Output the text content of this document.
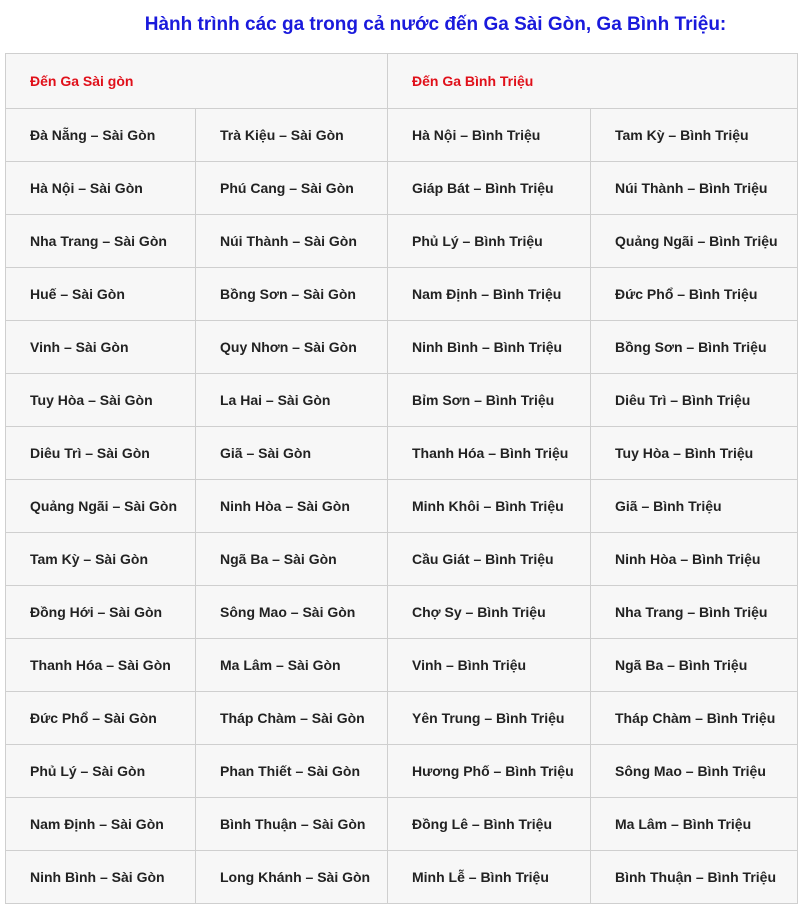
Hành trình các ga trong cả nước đến Ga Sài Gòn, Ga Bình Triệu:
Đến Ga Sài gòn		Đến Ga Bình Triệu	
Đà Nẵng – Sài Gòn	Trà Kiệu – Sài Gòn	Hà Nội – Bình Triệu	Tam Kỳ – Bình Triệu
Hà Nội – Sài Gòn	Phú Cang – Sài Gòn	Giáp Bát – Bình Triệu	Núi Thành – Bình Triệu
Nha Trang – Sài Gòn	Núi Thành – Sài Gòn	Phủ Lý – Bình Triệu	Quảng Ngãi – Bình Triệu
Huế – Sài Gòn	Bồng Sơn – Sài Gòn	Nam Định – Bình Triệu	Đức Phổ – Bình Triệu
Vinh – Sài Gòn	Quy Nhơn – Sài Gòn	Ninh Bình – Bình Triệu	Bồng Sơn – Bình Triệu
Tuy Hòa – Sài Gòn	La Hai – Sài Gòn	Bỉm Sơn – Bình Triệu	Diêu Trì – Bình Triệu
Diêu Trì – Sài Gòn	Giã – Sài Gòn	Thanh Hóa – Bình Triệu	Tuy Hòa – Bình Triệu
Quảng Ngãi – Sài Gòn	Ninh Hòa – Sài Gòn	Minh Khôi – Bình Triệu	Giã – Bình Triệu
Tam Kỳ – Sài Gòn	Ngã Ba – Sài Gòn	Cầu Giát – Bình Triệu	Ninh Hòa – Bình Triệu
Đồng Hới – Sài Gòn	Sông Mao – Sài Gòn	Chợ Sy – Bình Triệu	Nha Trang – Bình Triệu
Thanh Hóa – Sài Gòn	Ma Lâm – Sài Gòn	Vinh – Bình Triệu	Ngã Ba – Bình Triệu
Đức Phổ – Sài Gòn	Tháp Chàm – Sài Gòn	Yên Trung – Bình Triệu	Tháp Chàm – Bình Triệu
Phủ Lý – Sài Gòn	Phan Thiết – Sài Gòn	Hương Phố – Bình Triệu	Sông Mao – Bình Triệu
Nam Định – Sài Gòn	Bình Thuận – Sài Gòn	Đồng Lê – Bình Triệu	Ma Lâm – Bình Triệu
Ninh Bình – Sài Gòn	Long Khánh – Sài Gòn	Minh Lễ – Bình Triệu	Bình Thuận – Bình Triệu
